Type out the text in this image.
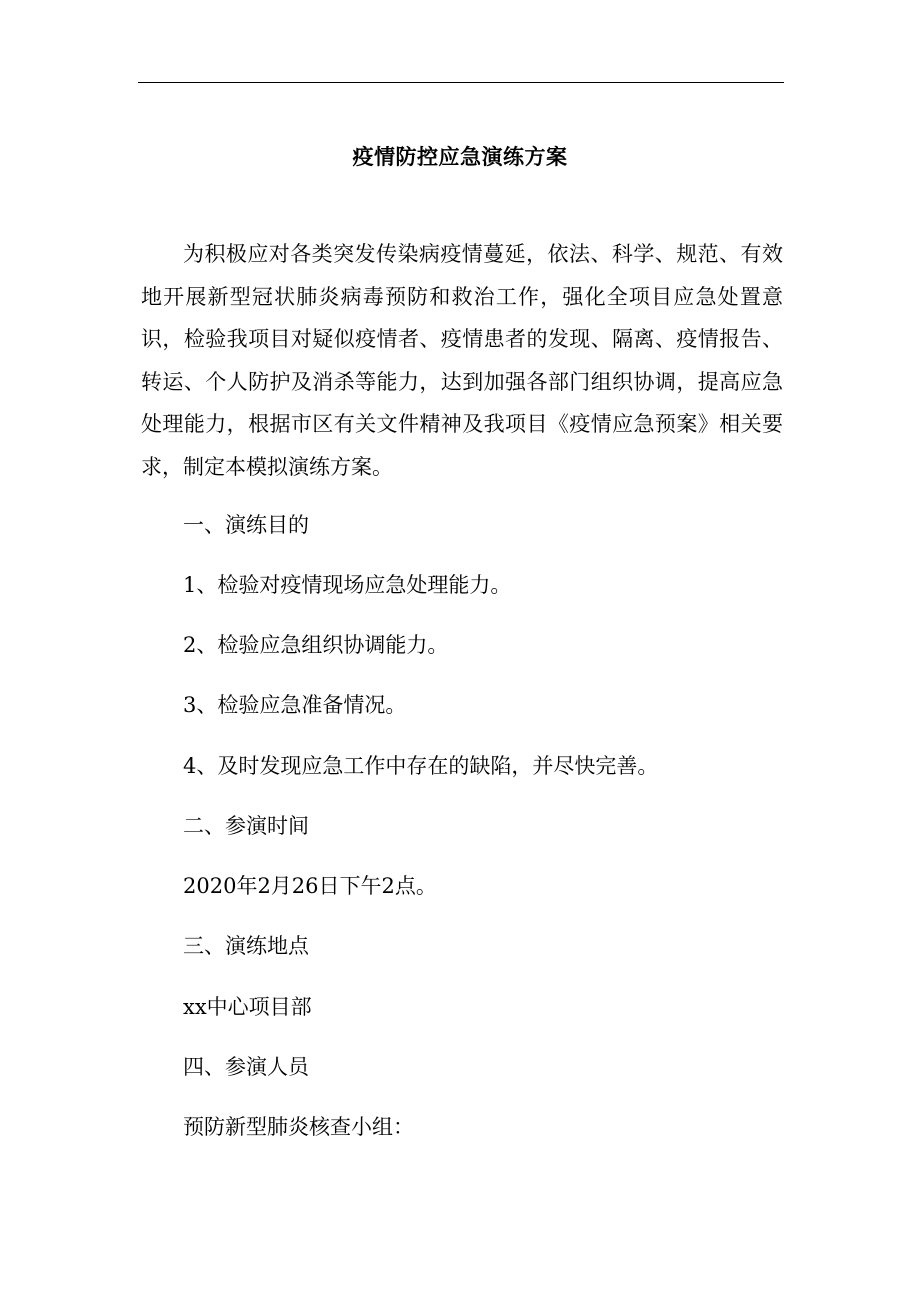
疫情防控应急演练方案

为积极应对各类突发传染病疫情蔓延，依法、科学、规范、有效地开展新型冠状肺炎病毒预防和救治工作，强化全项目应急处置意识，检验我项目对疑似疫情者、疫情患者的发现、隔离、疫情报告、转运、个人防护及消杀等能力，达到加强各部门组织协调，提高应急处理能力，根据市区有关文件精神及我项目《疫情应急预案》相关要求，制定本模拟演练方案。

一、演练目的

1、检验对疫情现场应急处理能力。

2、检验应急组织协调能力。

3、检验应急准备情况。

4、及时发现应急工作中存在的缺陷，并尽快完善。

二、参演时间

2020年2月26日下午2点。

三、演练地点

xx中心项目部

四、参演人员

预防新型肺炎核查小组：
